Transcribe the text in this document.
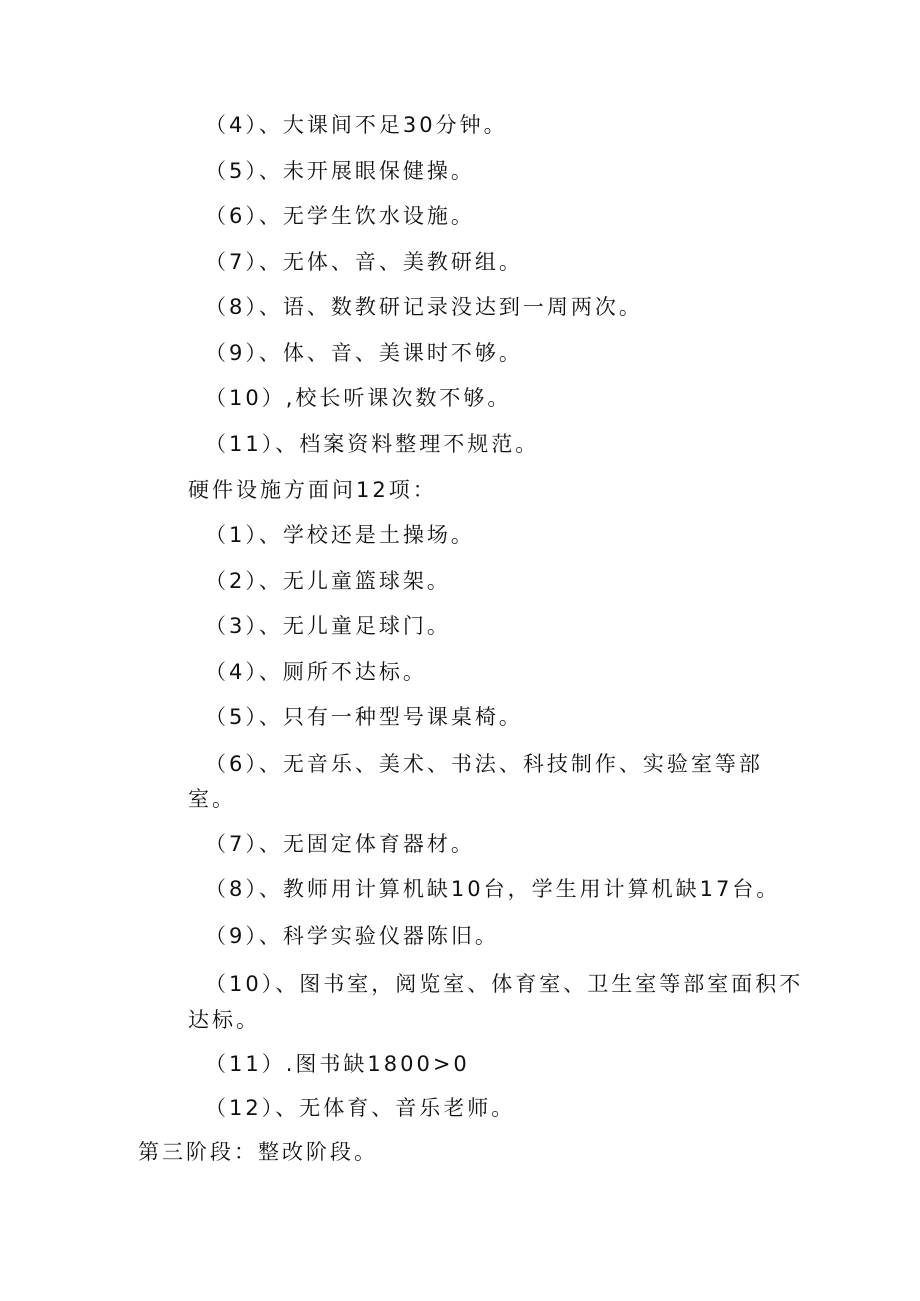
（4）、大课间不足30分钟。
（5）、未开展眼保健操。
（6）、无学生饮水设施。
（7）、无体、音、美教研组。
（8）、语、数教研记录没达到一周两次。
（9）、体、音、美课时不够。
（10）,校长听课次数不够。
（11）、档案资料整理不规范。
硬件设施方面问12项：
（1）、学校还是土操场。
（2）、无儿童篮球架。
（3）、无儿童足球门。
（4）、厕所不达标。
（5）、只有一种型号课桌椅。
（6）、无音乐、美术、书法、科技制作、实验室等部
室。
（7）、无固定体育器材。
（8）、教师用计算机缺10台，学生用计算机缺17台。
（9）、科学实验仪器陈旧。
（10）、图书室，阅览室、体育室、卫生室等部室面积不
达标。
（11）.图书缺1800>0
（12）、无体育、音乐老师。
第三阶段：整改阶段。
